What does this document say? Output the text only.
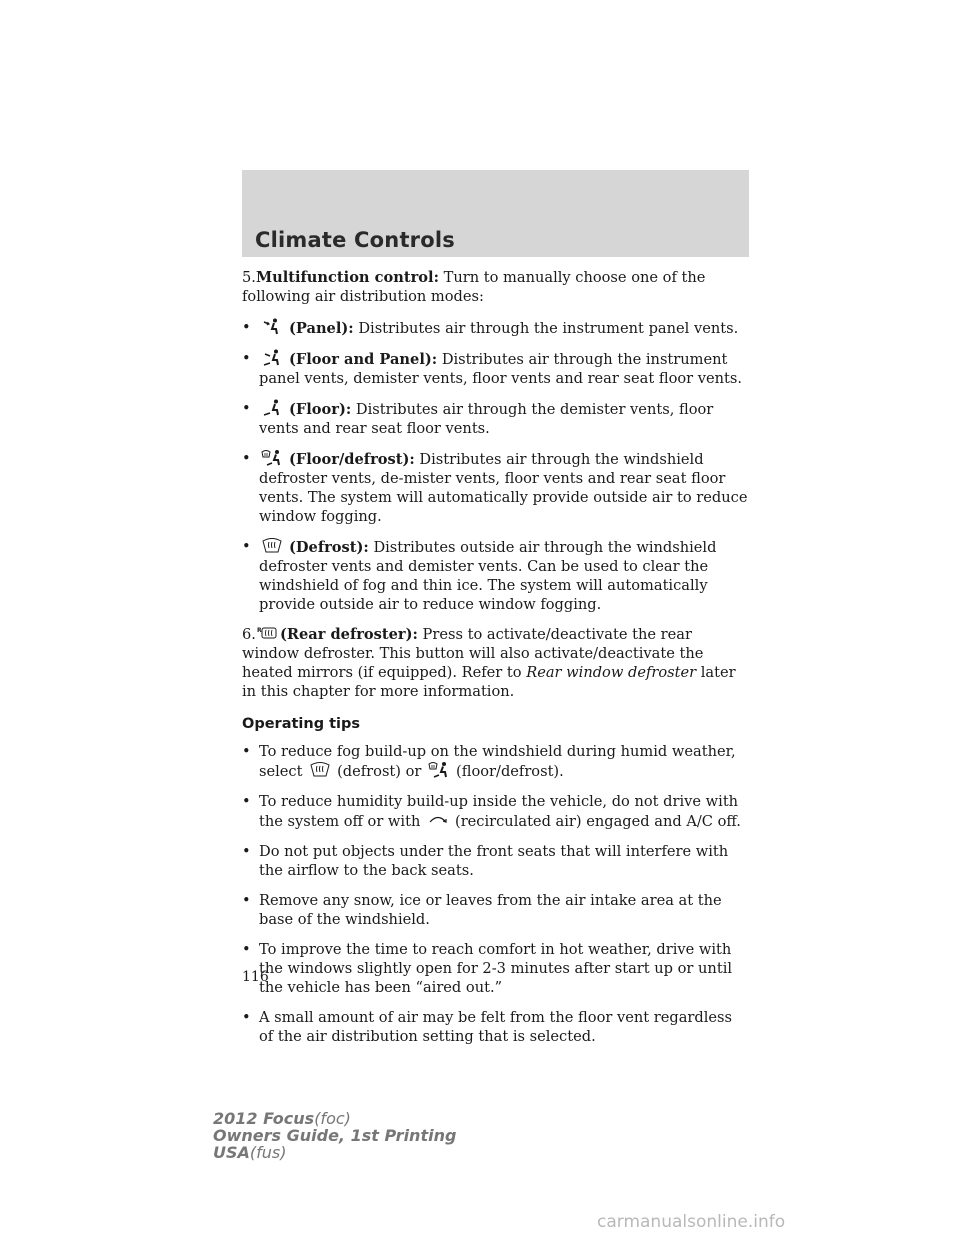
Climate Controls

5.Multifunction control: Turn to manually choose one of the following air distribution modes:

•	(Panel): Distributes air through the instrument panel vents.
•	(Floor and Panel): Distributes air through the instrument panel vents, demister vents, floor vents and rear seat floor vents.
•	(Floor): Distributes air through the demister vents, floor vents and rear seat floor vents.
•	(Floor/defrost): Distributes air through the windshield defroster vents, de-mister vents, floor vents and rear seat floor vents. The system will automatically provide outside air to reduce window fogging.
•	(Defrost): Distributes outside air through the windshield defroster vents and demister vents. Can be used to clear the windshield of fog and thin ice. The system will automatically provide outside air to reduce window fogging.

6. R (Rear defroster): Press to activate/deactivate the rear window defroster. This button will also activate/deactivate the heated mirrors (if equipped). Refer to Rear window defroster later in this chapter for more information.

Operating tips
• To reduce fog build-up on the windshield during humid weather, select (defrost) or (floor/defrost).
• To reduce humidity build-up inside the vehicle, do not drive with the system off or with (recirculated air) engaged and A/C off.
• Do not put objects under the front seats that will interfere with the airflow to the back seats.
• Remove any snow, ice or leaves from the air intake area at the base of the windshield.
• To improve the time to reach comfort in hot weather, drive with the windows slightly open for 2-3 minutes after start up or until the vehicle has been “aired out.”
• A small amount of air may be felt from the floor vent regardless of the air distribution setting that is selected.
116
2012 Focus(foc)
Owners Guide, 1st Printing
USA(fus)
carmanualsonline.info
